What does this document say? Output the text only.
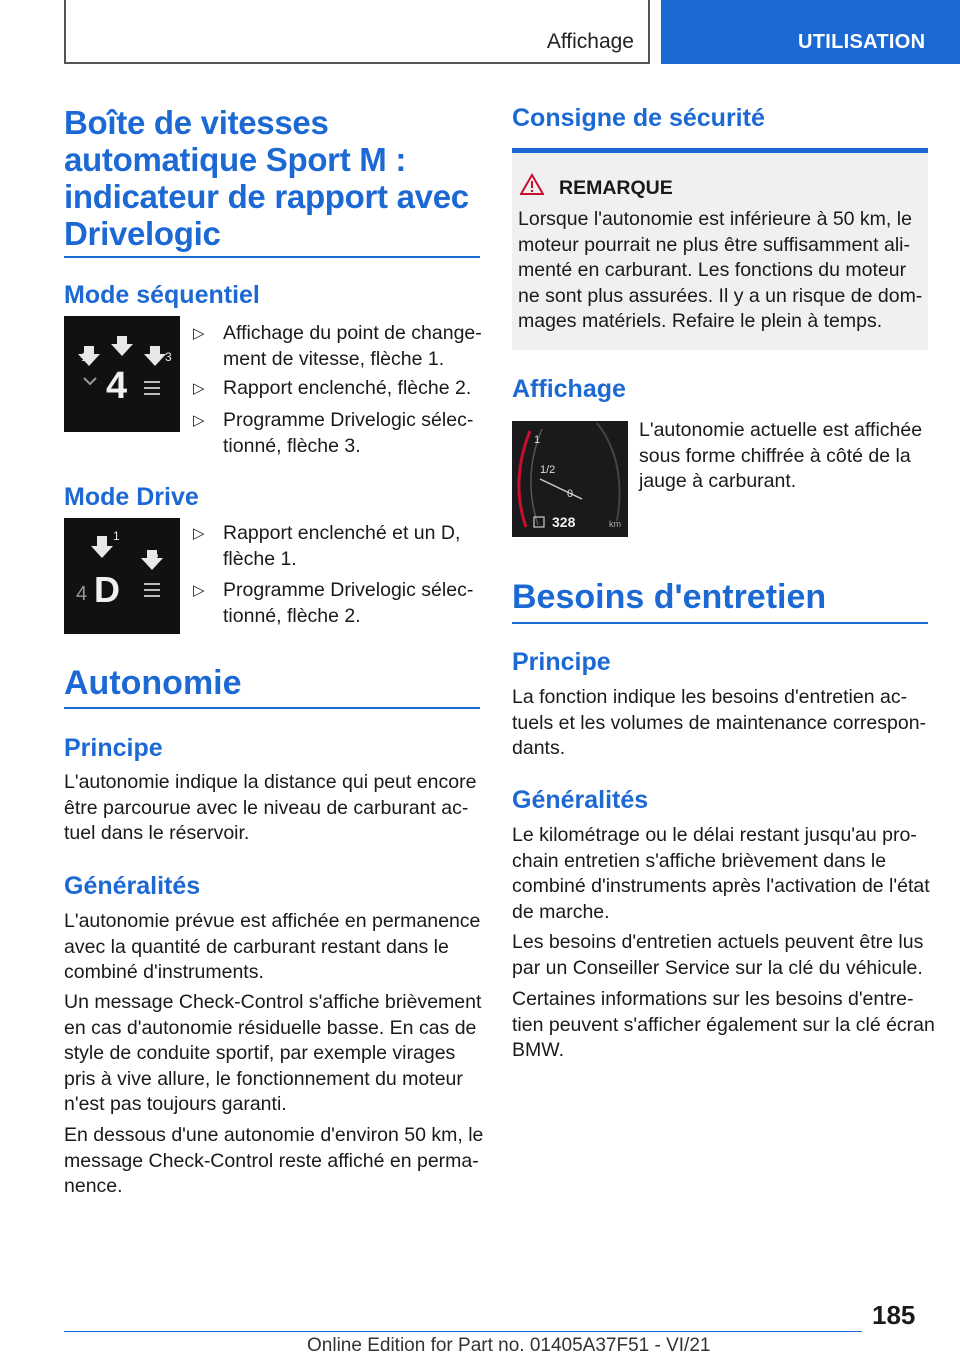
Affichage	UTILISATION
Boîte de vitesses
automatique Sport M :
indicateur de rapport avec
Drivelogic
Mode séquentiel
1
2
3
4
▷ Affichage du point de change-
ment de vitesse, flèche 1.
▷ Rapport enclenché, flèche 2.
▷ Programme Drivelogic sélec-
tionné, flèche 3.
Mode Drive
1
2
4 D
▷ Rapport enclenché et un D,
flèche 1.
▷ Programme Drivelogic sélec-
tionné, flèche 2.
Autonomie
Principe
L'autonomie indique la distance qui peut encore
être parcourue avec le niveau de carburant ac-
tuel dans le réservoir.
Généralités
L'autonomie prévue est affichée en permanence
avec la quantité de carburant restant dans le
combiné d'instruments.
Un message Check-Control s'affiche brièvement
en cas d'autonomie résiduelle basse. En cas de
style de conduite sportif, par exemple virages
pris à vive allure, le fonctionnement du moteur
n'est pas toujours garanti.
En dessous d'une autonomie d'environ 50 km, le
message Check-Control reste affiché en perma-
nence.
Consigne de sécurité
REMARQUE
Lorsque l'autonomie est inférieure à 50 km, le
moteur pourrait ne plus être suffisamment ali-
menté en carburant. Les fonctions du moteur
ne sont plus assurées. Il y a un risque de dom-
mages matériels. Refaire le plein à temps.
Affichage
1
1/2
0
328	km
L'autonomie actuelle est affichée
sous forme chiffrée à côté de la
jauge à carburant.
Besoins d'entretien
Principe
La fonction indique les besoins d'entretien ac-
tuels et les volumes de maintenance correspon-
dants.
Généralités
Le kilométrage ou le délai restant jusqu'au pro-
chain entretien s'affiche brièvement dans le
combiné d'instruments après l'activation de l'état
de marche.
Les besoins d'entretien actuels peuvent être lus
par un Conseiller Service sur la clé du véhicule.
Certaines informations sur les besoins d'entre-
tien peuvent s'afficher également sur la clé écran
BMW.
185
Online Edition for Part no. 01405A37F51 - VI/21
